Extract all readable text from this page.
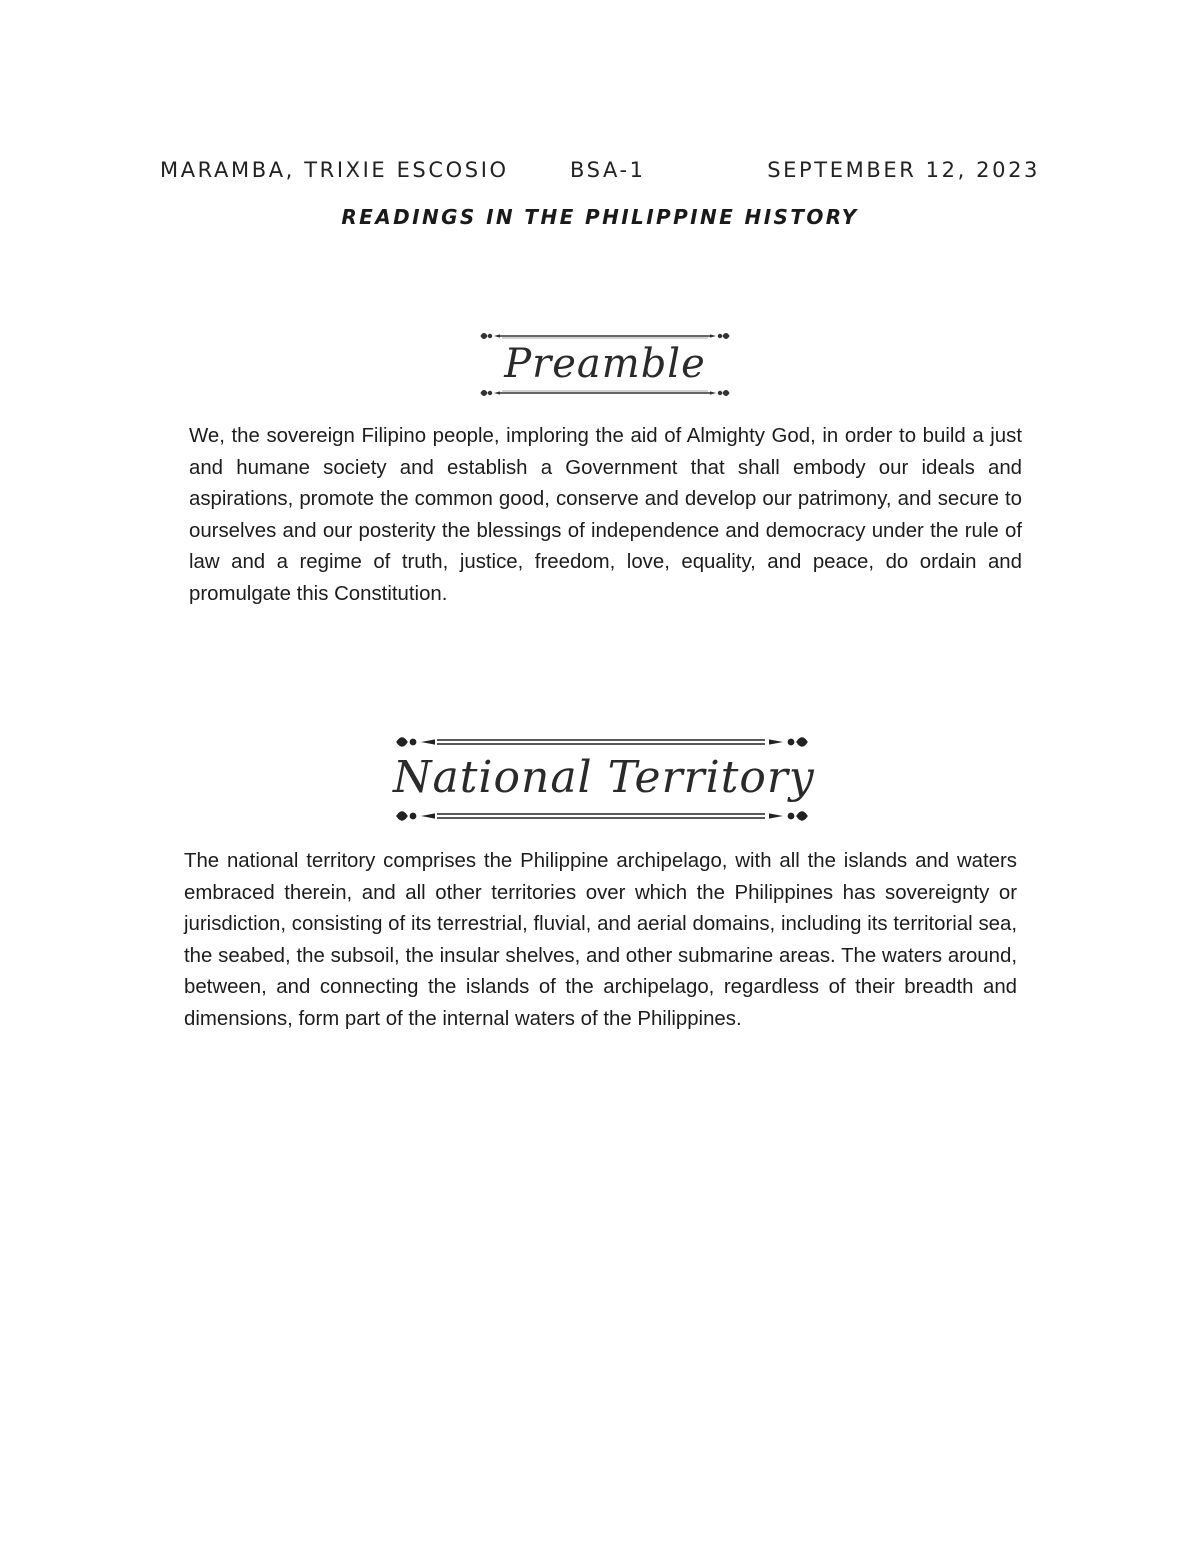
MARAMBA, TRIXIE ESCOSIO	BSA-1	SEPTEMBER 12, 2023
READINGS IN THE PHILIPPINE HISTORY
Preamble

We, the sovereign Filipino people, imploring the aid of Almighty God, in order to build a just and humane society and establish a Government that shall embody our ideals and aspirations, promote the common good, conserve and develop our patrimony, and secure to ourselves and our posterity the blessings of independence and democracy under the rule of law and a regime of truth, justice, freedom, love, equality, and peace, do ordain and promulgate this Constitution.

National Territory

The national territory comprises the Philippine archipelago, with all the islands and waters embraced therein, and all other territories over which the Philippines has sovereignty or jurisdiction, consisting of its terrestrial, fluvial, and aerial domains, including its territorial sea, the seabed, the subsoil, the insular shelves, and other submarine areas. The waters around, between, and connecting the islands of the archipelago, regardless of their breadth and dimensions, form part of the internal waters of the Philippines.
